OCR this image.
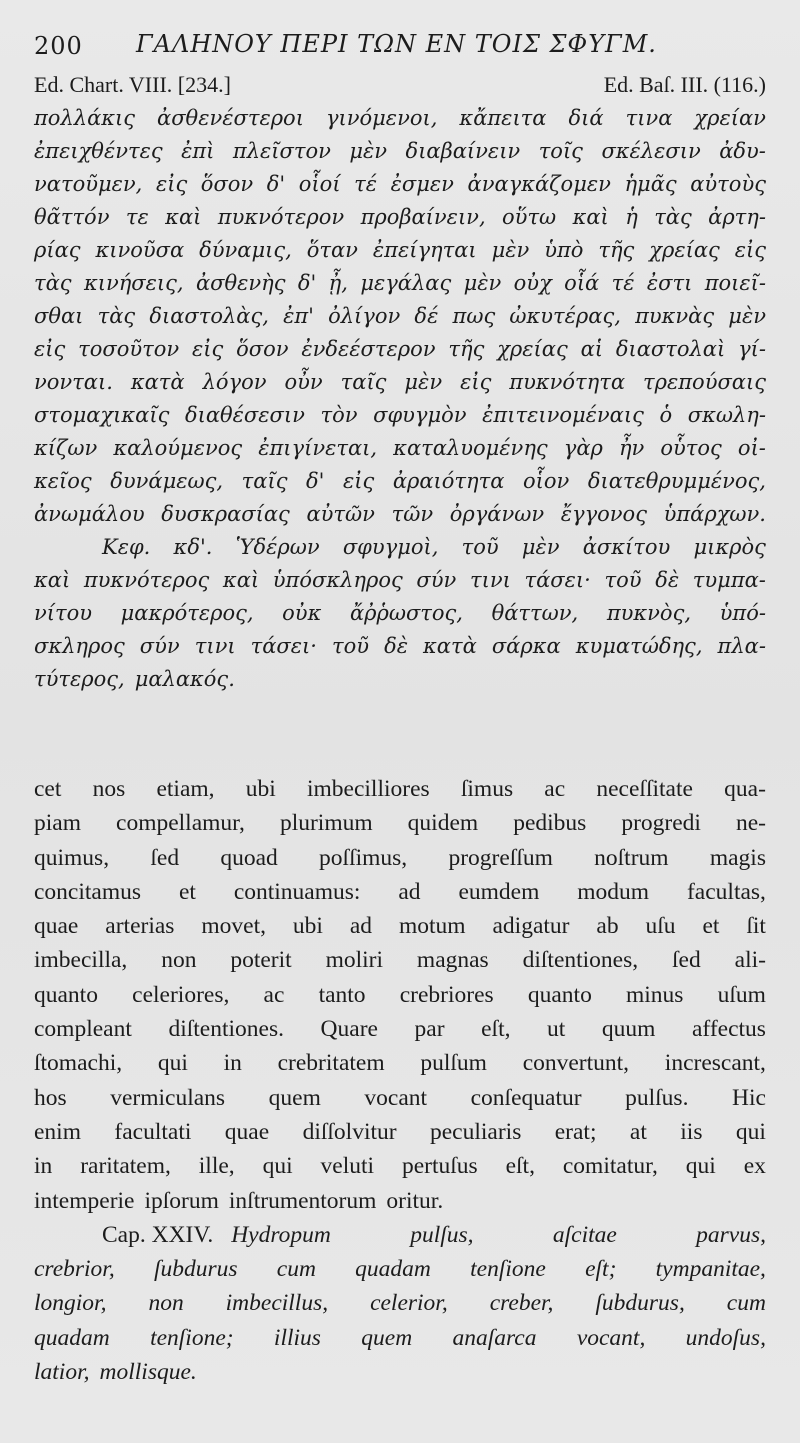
200 ΓΑΛΗΝΟΥ ΠΕΡΙ ΤΩΝ ΕΝ ΤΟΙΣ ΣΦΥΓΜ.
Ed. Chart. VIII. [234.]	Ed. Baſ. III. (116.)
πολλάκις ἀσθενέστεροι γινόμενοι, κἄπειτα διά τινα χρείαν
ἐπειχθέντες ἐπὶ πλεῖστον μὲν διαβαίνειν τοῖς σκέλεσιν ἀδυ-
νατοῦμεν, εἰς ὅσον δ' οἷοί τέ ἐσμεν ἀναγκάζομεν ἡμᾶς αὐτοὺς
θᾶττόν τε καὶ πυκνότερον προβαίνειν, οὕτω καὶ ἡ τὰς ἀρτη-
ρίας κινοῦσα δύναμις, ὅταν ἐπείγηται μὲν ὑπὸ τῆς χρείας εἰς
τὰς κινήσεις, ἀσθενὴς δ' ᾖ, μεγάλας μὲν οὐχ οἷά τέ ἐστι ποιεῖ-
σθαι τὰς διαστολὰς, ἐπ' ὀλίγον δέ πως ὠκυτέρας, πυκνὰς μὲν
εἰς τοσοῦτον εἰς ὅσον ἐνδεέστερον τῆς χρείας αἱ διαστολαὶ γί-
νονται. κατὰ λόγον οὖν ταῖς μὲν εἰς πυκνότητα τρεπούσαις
στομαχικαῖς διαθέσεσιν τὸν σφυγμὸν ἐπιτεινομέναις ὁ σκωλη-
κίζων καλούμενος ἐπιγίνεται, καταλυομένης γὰρ ἦν οὗτος οἰ-
κεῖος δυνάμεως, ταῖς δ' εἰς ἀραιότητα οἷον διατεθρυμμένος,
ἀνωμάλου δυσκρασίας αὐτῶν τῶν ὀργάνων ἔγγονος ὑπάρχων.
Κεφ. κδ'. Ὑδέρων σφυγμοὶ, τοῦ μὲν ἀσκίτου μικρὸς
καὶ πυκνότερος καὶ ὑπόσκληρος σύν τινι τάσει· τοῦ δὲ τυμπα-
νίτου μακρότερος, οὐκ ἄῤῥωστος, θάττων, πυκνὸς, ὑπό-
σκληρος σύν τινι τάσει· τοῦ δὲ κατὰ σάρκα κυματώδης, πλα-
τύτερος, μαλακός.
cet nos etiam, ubi imbecilliores ſimus ac neceſſitate qua-
piam compellamur, plurimum quidem pedibus progredi ne-
quimus, ſed quoad poſſimus, progreſſum noſtrum magis
concitamus et continuamus: ad eumdem modum facultas,
quae arterias movet, ubi ad motum adigatur ab uſu et ſit
imbecilla, non poterit moliri magnas diſtentiones, ſed ali-
quanto celeriores, ac tanto crebriores quanto minus uſum
compleant diſtentiones. Quare par eſt, ut quum affectus
ſtomachi, qui in crebritatem pulſum convertunt, increscant,
hos vermiculans quem vocant conſequatur pulſus. Hic
enim facultati quae diſſolvitur peculiaris erat; at iis qui
in raritatem, ille, qui veluti pertuſus eſt, comitatur, qui ex
intemperie ipſorum inſtrumentorum oritur.
Cap. XXIV. Hydropum	pulſus,	aſcitae	parvus,
crebrior, ſubdurus cum quadam tenſione eſt; tympanitae,
longior, non imbecillus, celerior, creber, ſubdurus, cum
quadam tenſione; illius quem anaſarca vocant, undoſus,
latior, mollisque.
